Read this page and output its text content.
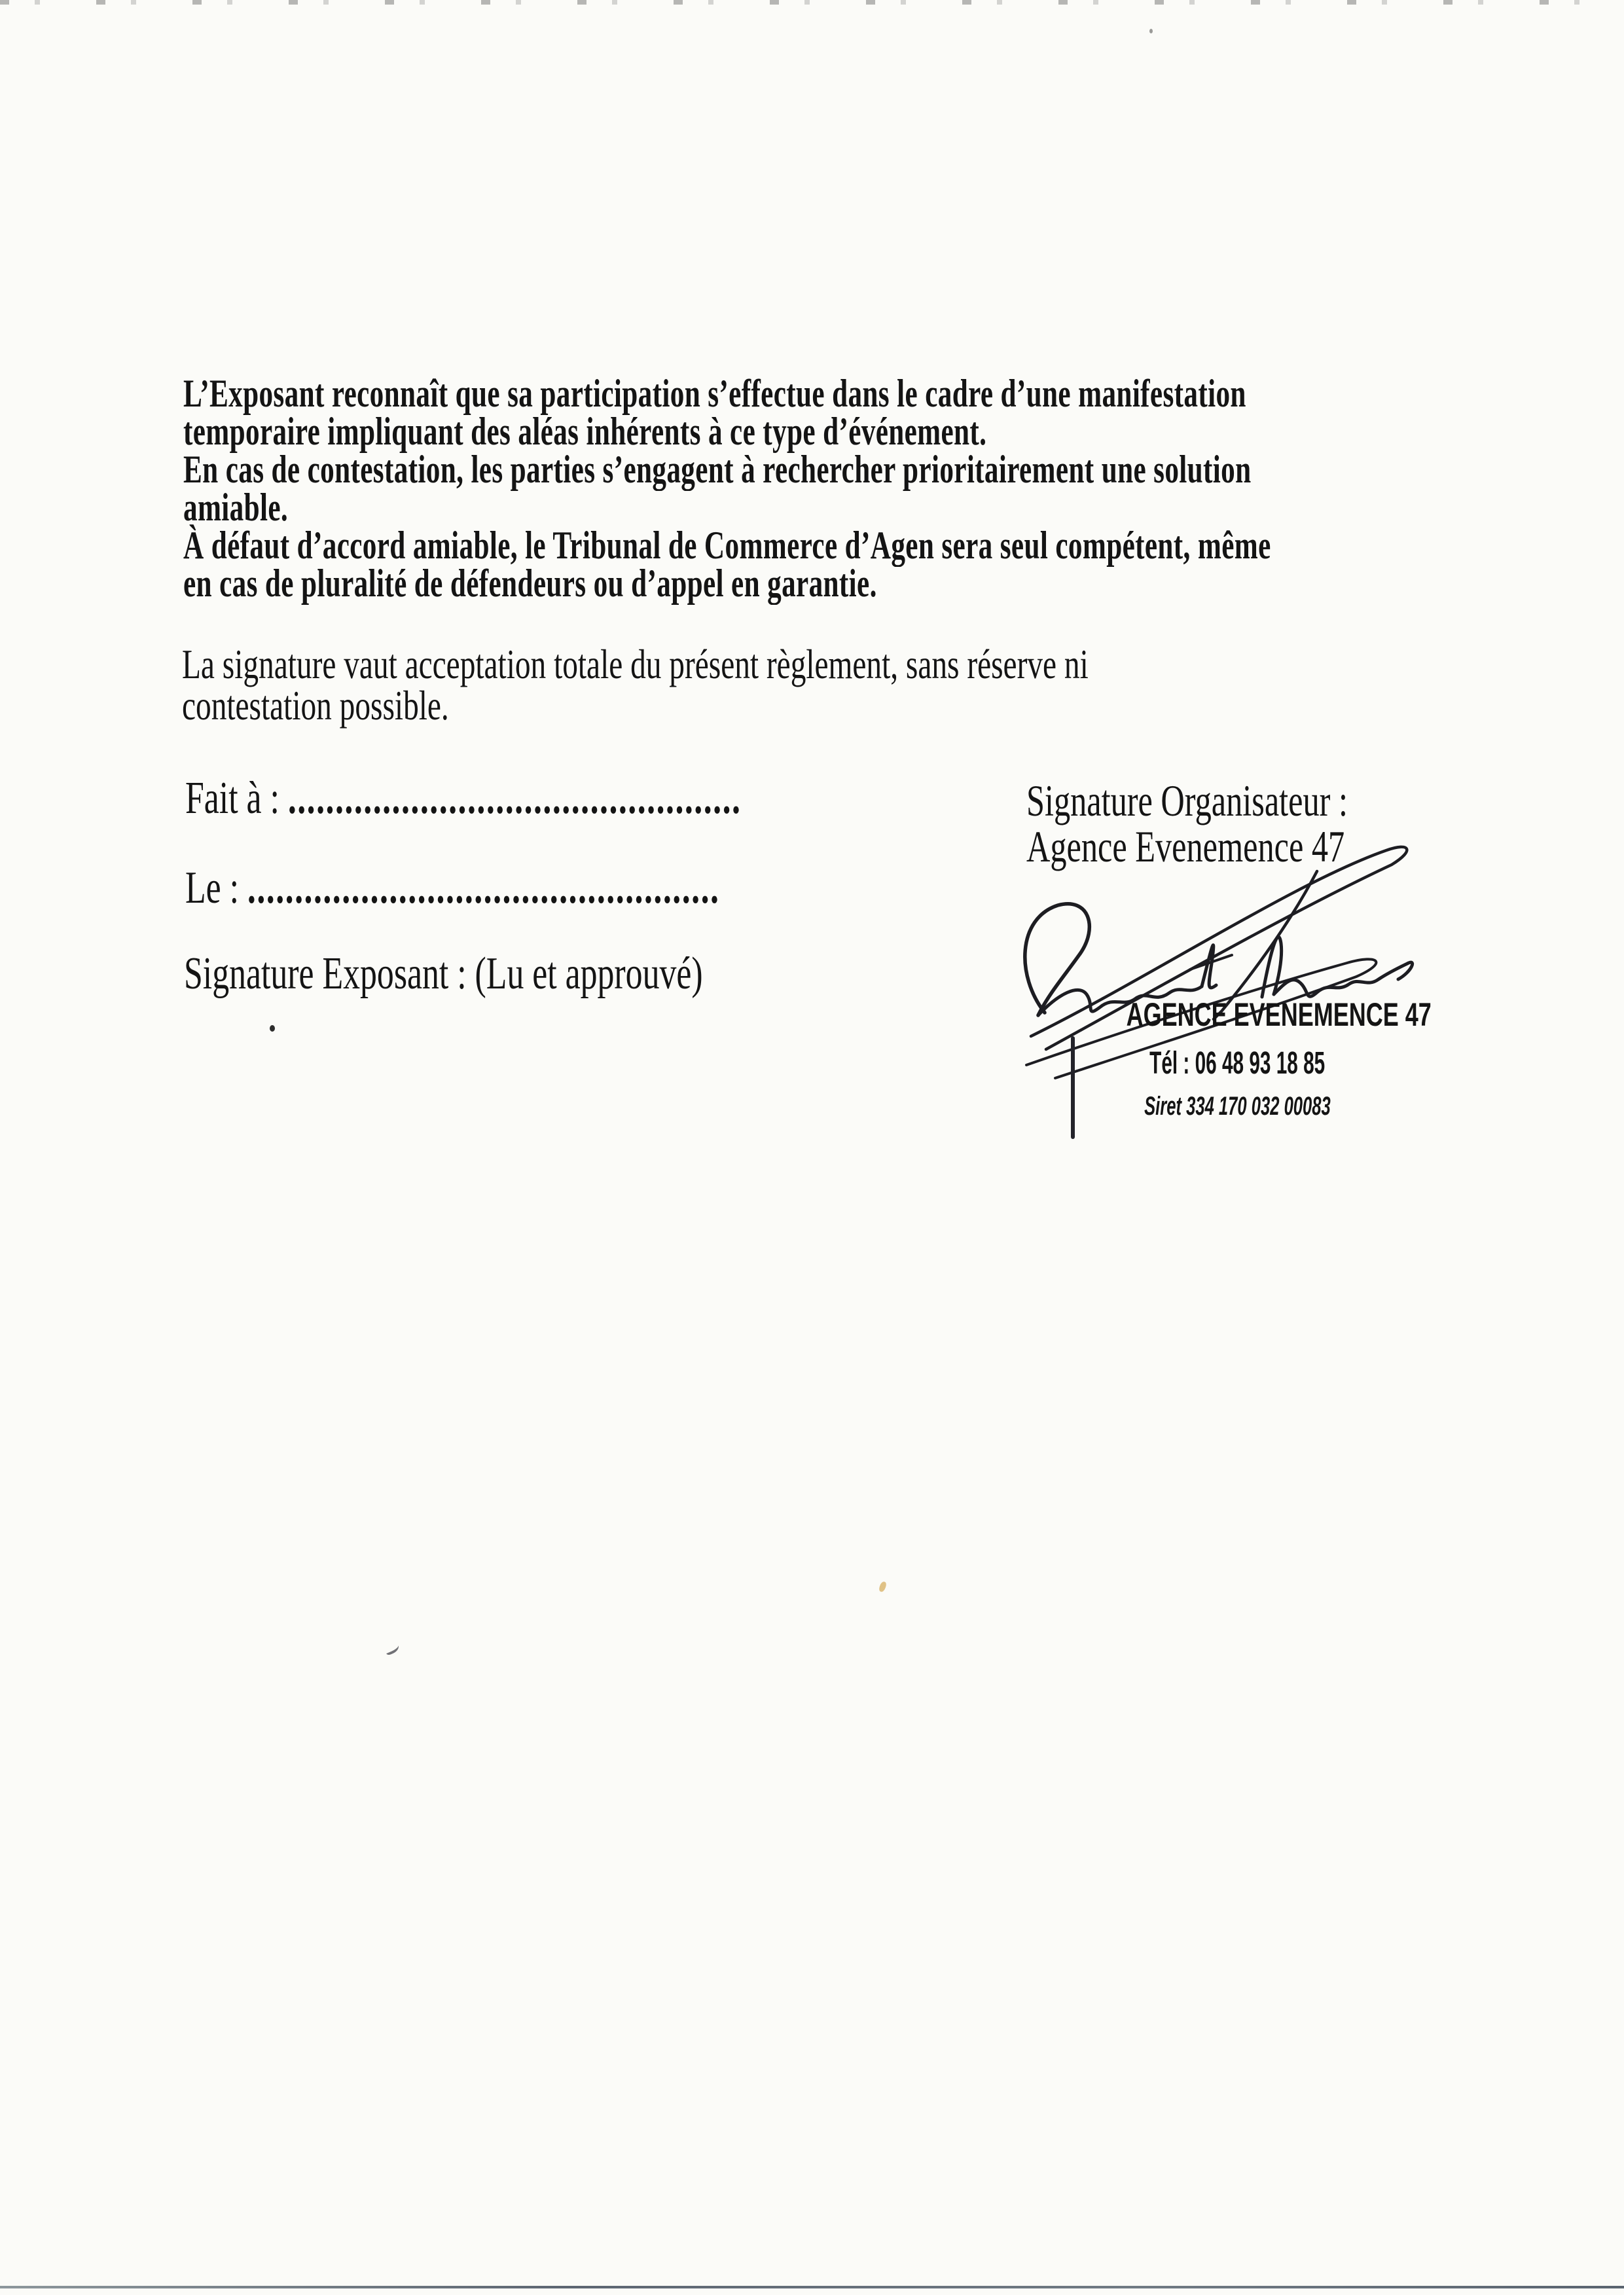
L’Exposant reconnaît que sa participation s’effectue dans le cadre d’une manifestation
temporaire impliquant des aléas inhérents à ce type d’événement.
En cas de contestation, les parties s’engagent à rechercher prioritairement une solution
amiable.
À défaut d’accord amiable, le Tribunal de Commerce d’Agen sera seul compétent, même
en cas de pluralité de défendeurs ou d’appel en garantie.
La signature vaut acceptation totale du présent règlement, sans réserve ni
contestation possible.
Fait à : ................................................
Le : ..................................................
Signature Exposant : (Lu et approuvé)
Signature Organisateur :
Agence Evenemence 47
AGENCE EVENEMENCE 47
Tél : 06 48 93 18 85
Siret 334 170 032 00083
